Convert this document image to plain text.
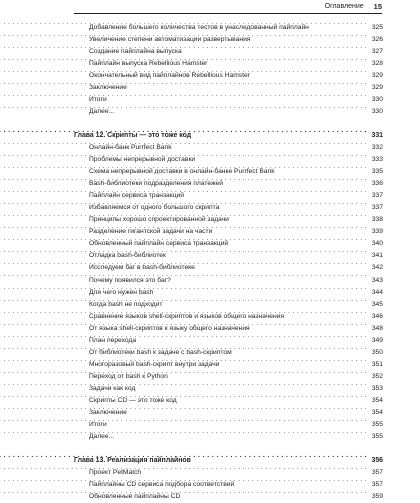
Оглавление 15
Добавление большего количества тестов в унаследованный пайплайн . . .	325
Увеличение степени автоматизации развертывания . . .	326
Создание пайплайна выпуска . . .	327
Пайплайн выпуска Rebellious Hamster . . .	328
Окончательный вид пайплайнов Rebellious Hamster . . .	329
Заключение . . .	329
Итоги . . .	330
Далее... . . .	330
Глава 12. Скрипты — это тоже код . . .	331
Онлайн-банк Purrfect Bank . . .	332
Проблемы непрерывной доставки . . .	333
Схема непрерывной доставки в онлайн-банке Purrfect Bank . . .	335
Bash-библиотеки подразделения платежей . . .	336
Пайплайн сервиса транзакций . . .	337
Избавляемся от одного большого скрипта . . .	337
Принципы хорошо спроектированной задачи . . .	338
Разделение гигантской задачи на части . . .	339
Обновленный пайплайн сервиса транзакций . . .	340
Отладка bash-библиотек . . .	341
Исследуем баг в bash-библиотеке . . .	342
Почему появился это баг? . . .	343
Для чего нужен bash . . .	344
Когда bash не подходит . . .	345
Сравнение языков shell-скриптов и языков общего назначения . . .	346
От языка shell-скриптов к языку общего назначения . . .	348
План перехода . . .	349
От библиотеки bash к задаче с bash-скриптом . . .	350
Многоразовый bash-скрипт внутри задачи . . .	351
Переход от bash к Python . . .	352
Задачи как код . . .	353
Скрипты CD — это тоже код . . .	354
Заключение . . .	354
Итоги . . .	355
Далее... . . .	355
Глава 13. Реализация пайплайнов . . .	356
Проект PetMatch . . .	357
Пайплайны CD сервиса подбора соответствий . . .	357
Обновленные пайплайны CD . . .	359
